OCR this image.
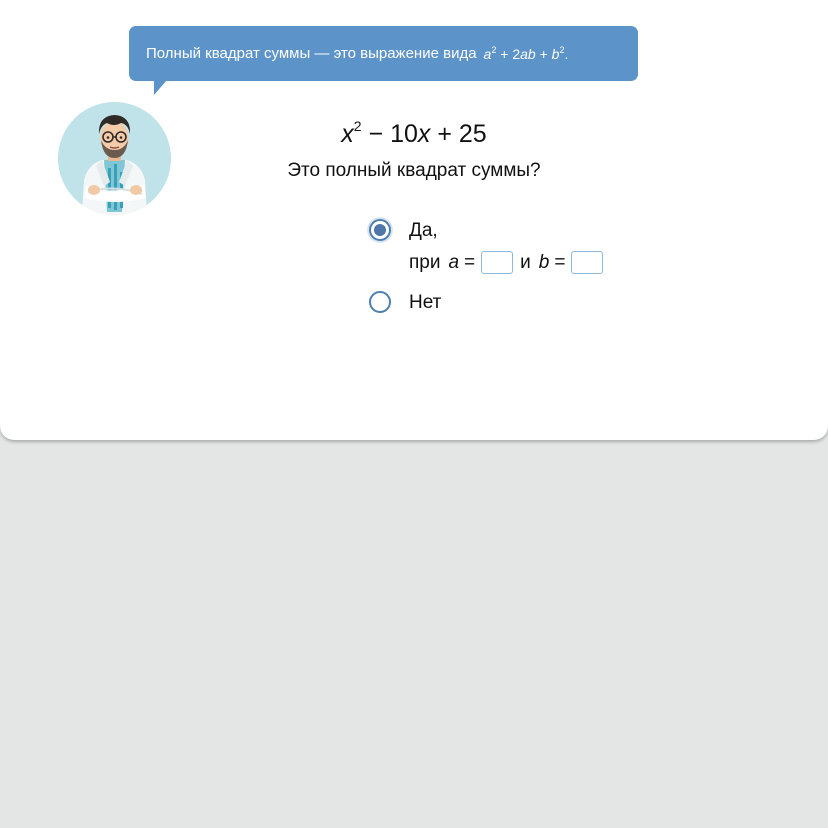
Полный квадрат суммы — это выражение вида $a^2 + 2ab + b^2$.
$x^2 - 10x + 25$
Это полный квадрат суммы?
Да,
при a = и b =
Нет
